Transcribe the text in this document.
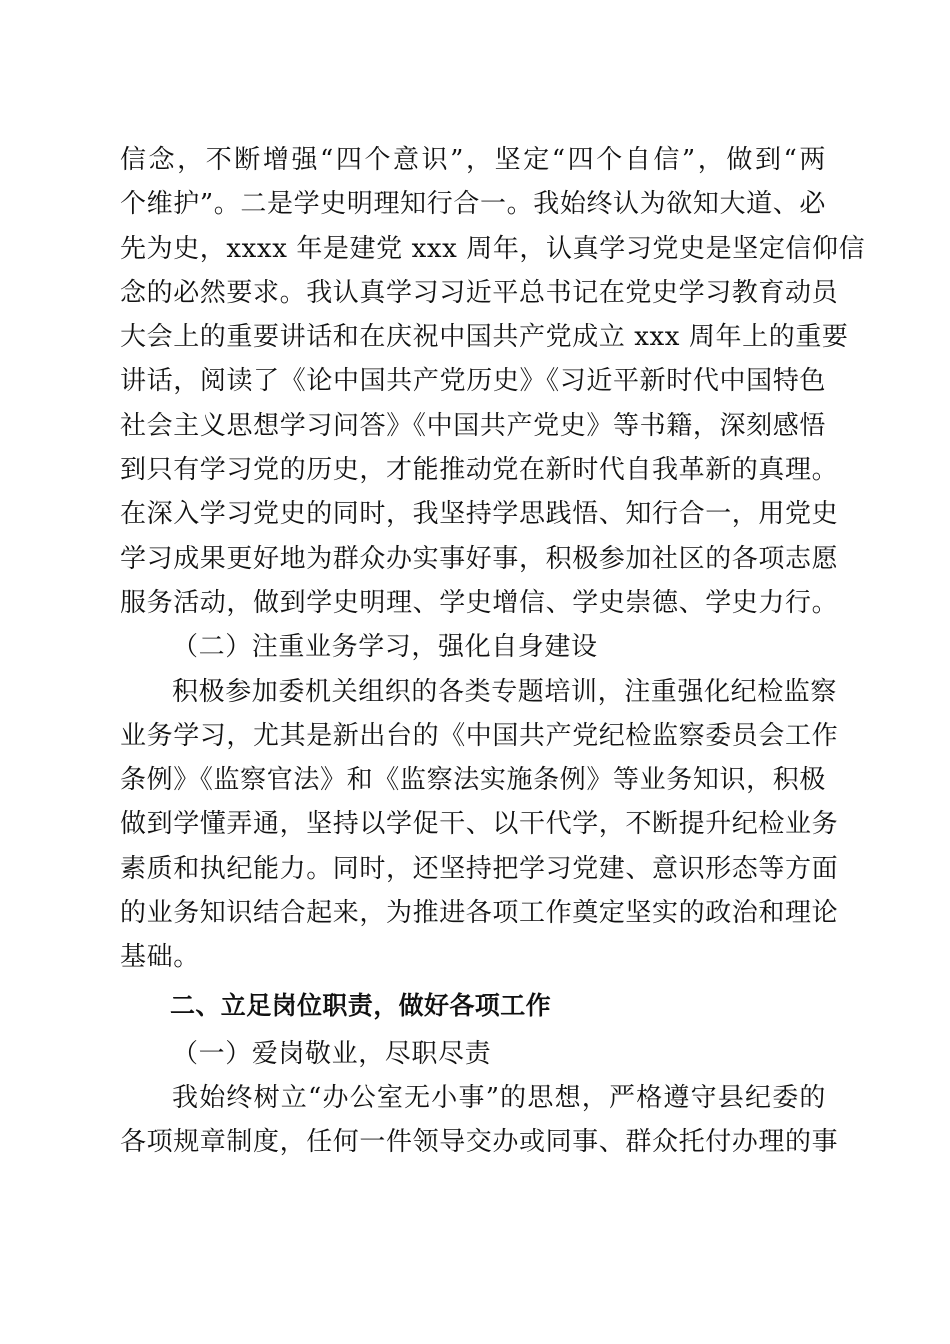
信念，不断增强“四个意识”，坚定“四个自信”，做到“两
个维护”。二是学史明理知行合一。我始终认为欲知大道、必
先为史，xxxx 年是建党 xxx 周年，认真学习党史是坚定信仰信
念的必然要求。我认真学习习近平总书记在党史学习教育动员
大会上的重要讲话和在庆祝中国共产党成立 xxx 周年上的重要
讲话，阅读了《论中国共产党历史》《习近平新时代中国特色
社会主义思想学习问答》《中国共产党史》等书籍，深刻感悟
到只有学习党的历史，才能推动党在新时代自我革新的真理。
在深入学习党史的同时，我坚持学思践悟、知行合一，用党史
学习成果更好地为群众办实事好事，积极参加社区的各项志愿
服务活动，做到学史明理、学史增信、学史崇德、学史力行。
（二）注重业务学习，强化自身建设
积极参加委机关组织的各类专题培训，注重强化纪检监察
业务学习，尤其是新出台的《中国共产党纪检监察委员会工作
条例》《监察官法》和《监察法实施条例》等业务知识，积极
做到学懂弄通，坚持以学促干、以干代学，不断提升纪检业务
素质和执纪能力。同时，还坚持把学习党建、意识形态等方面
的业务知识结合起来，为推进各项工作奠定坚实的政治和理论
基础。
二、立足岗位职责，做好各项工作
（一）爱岗敬业，尽职尽责
我始终树立“办公室无小事”的思想，严格遵守县纪委的
各项规章制度，任何一件领导交办或同事、群众托付办理的事
